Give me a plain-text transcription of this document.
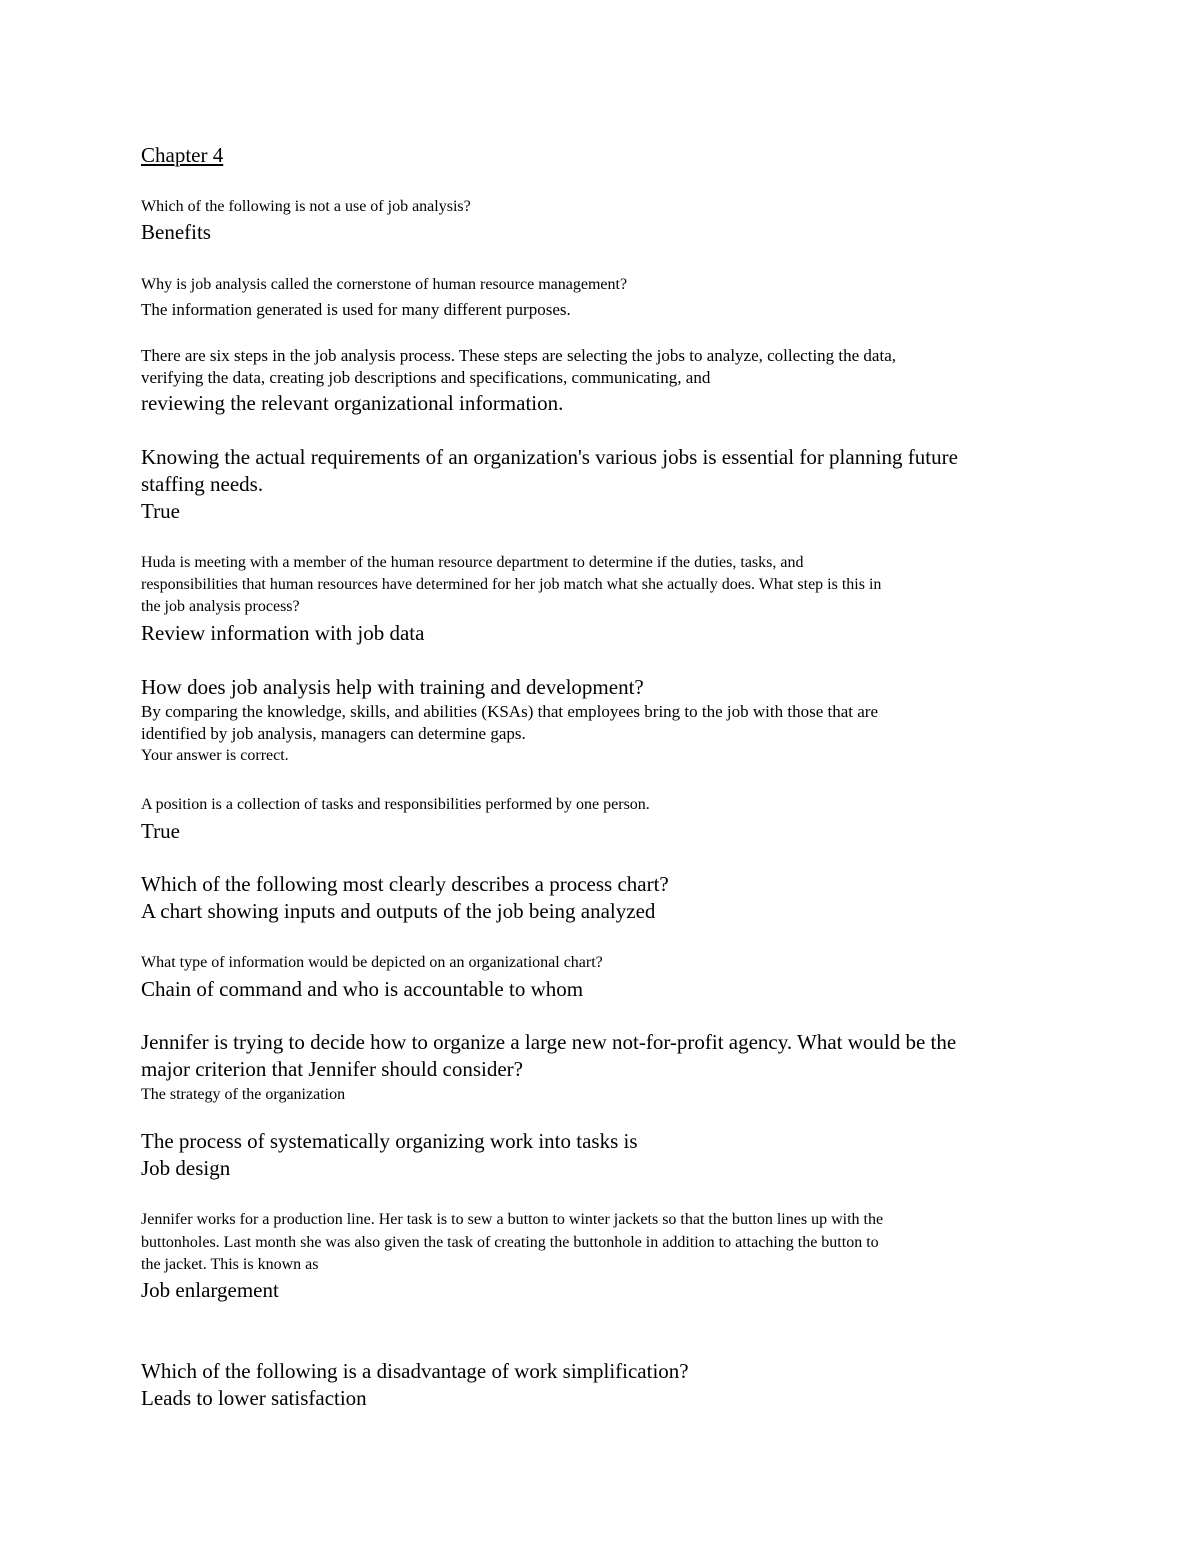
Chapter 4
Which of the following is not a use of job analysis?
Benefits
Why is job analysis called the cornerstone of human resource management?
The information generated is used for many different purposes.
There are six steps in the job analysis process. These steps are selecting the jobs to analyze, collecting the data,
verifying the data, creating job descriptions and specifications, communicating, and
reviewing the relevant organizational information.
Knowing the actual requirements of an organization's various jobs is essential for planning future
staffing needs.
True
Huda is meeting with a member of the human resource department to determine if the duties, tasks, and
responsibilities that human resources have determined for her job match what she actually does. What step is this in
the job analysis process?
Review information with job data
How does job analysis help with training and development?
By comparing the knowledge, skills, and abilities (KSAs) that employees bring to the job with those that are
identified by job analysis, managers can determine gaps.
Your answer is correct.
A position is a collection of tasks and responsibilities performed by one person.
True
Which of the following most clearly describes a process chart?
A chart showing inputs and outputs of the job being analyzed
What type of information would be depicted on an organizational chart?
Chain of command and who is accountable to whom
Jennifer is trying to decide how to organize a large new not-for-profit agency. What would be the
major criterion that Jennifer should consider?
The strategy of the organization
The process of systematically organizing work into tasks is
Job design
Jennifer works for a production line. Her task is to sew a button to winter jackets so that the button lines up with the
buttonholes. Last month she was also given the task of creating the buttonhole in addition to attaching the button to
the jacket. This is known as
Job enlargement
Which of the following is a disadvantage of work simplification?
Leads to lower satisfaction
